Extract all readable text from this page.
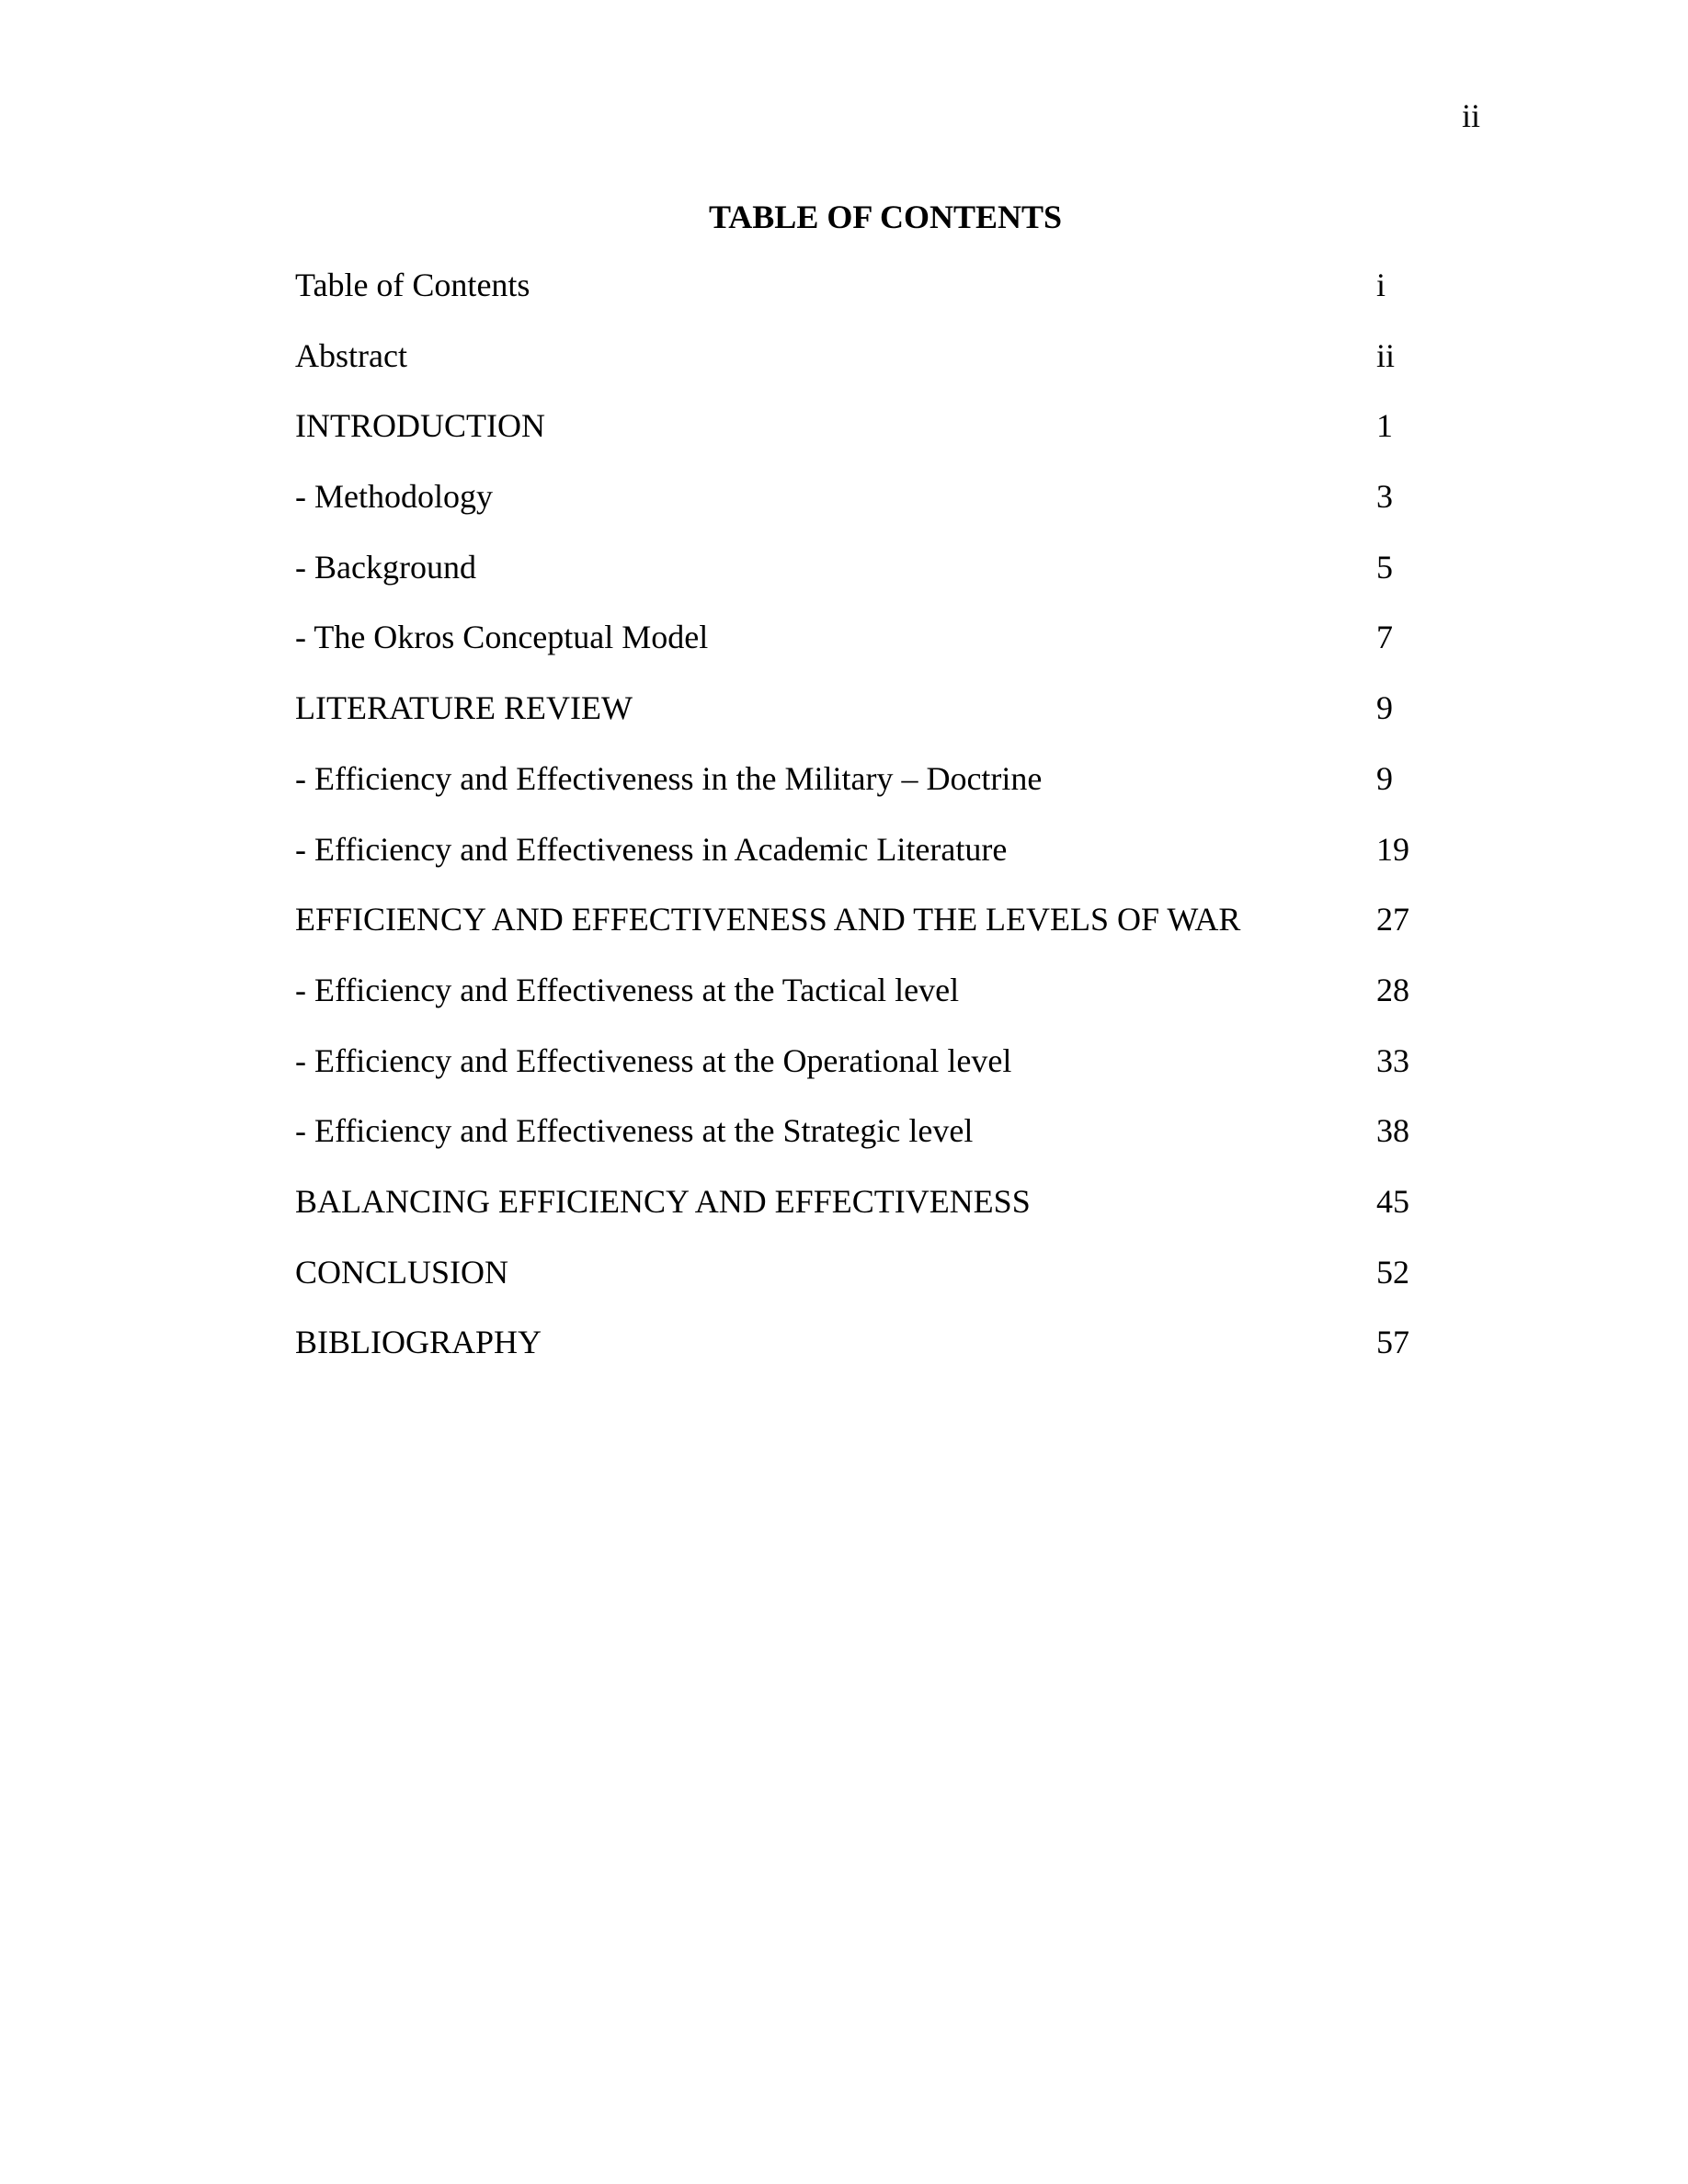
ii
TABLE OF CONTENTS
Table of Contents	i
Abstract	ii
INTRODUCTION	1
- Methodology	3
- Background	5
- The Okros Conceptual Model	7
LITERATURE REVIEW	9
- Efficiency and Effectiveness in the Military – Doctrine	9
- Efficiency and Effectiveness in Academic Literature	19
EFFICIENCY AND EFFECTIVENESS AND THE LEVELS OF WAR	27
- Efficiency and Effectiveness at the Tactical level	28
- Efficiency and Effectiveness at the Operational level	33
- Efficiency and Effectiveness at the Strategic level	38
BALANCING EFFICIENCY AND EFFECTIVENESS	45
CONCLUSION	52
BIBLIOGRAPHY	57
